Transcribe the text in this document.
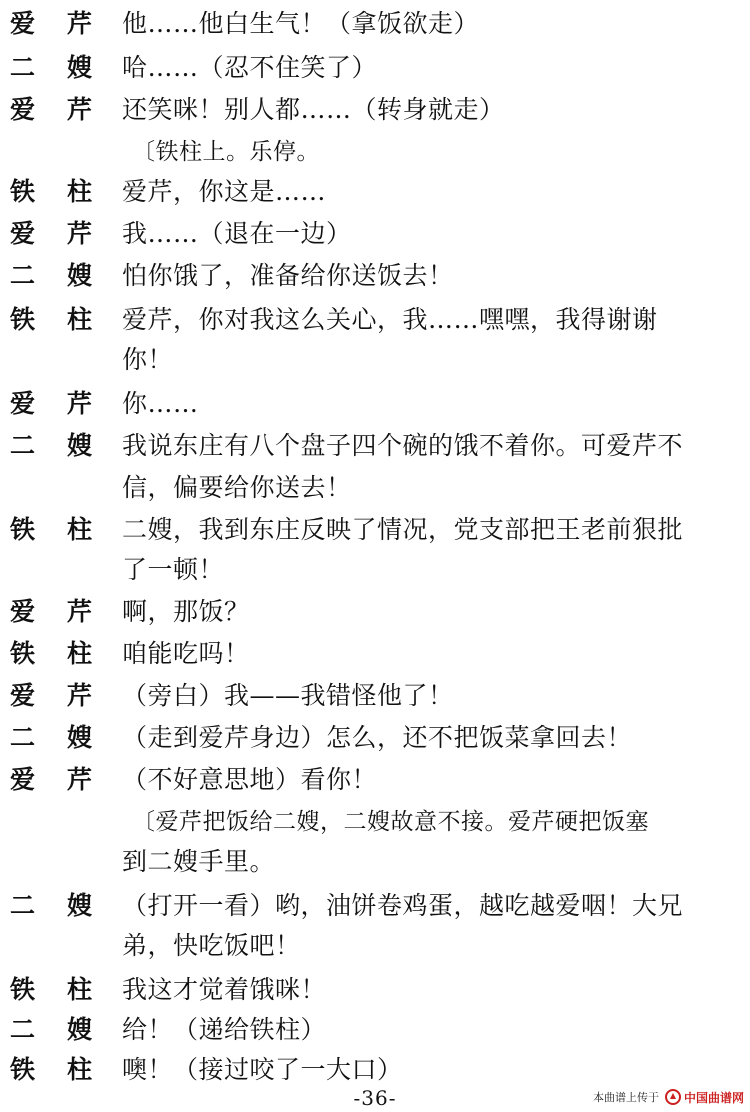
爱芹
他……他白生气！（拿饭欲走）
二嫂
哈……（忍不住笑了）
爱芹
还笑咪！别人都……（转身就走）
〔铁柱上。乐停。
铁柱
爱芹，你这是……
爱芹
我……（退在一边）
二嫂
怕你饿了，准备给你送饭去！
铁柱
爱芹，你对我这么关心，我……嘿嘿，我得谢谢
你！
爱芹
你……
二嫂
我说东庄有八个盘子四个碗的饿不着你。可爱芹不
信，偏要给你送去！
铁柱
二嫂，我到东庄反映了情况，党支部把王老前狠批
了一顿！
爱芹
啊，那饭？
铁柱
咱能吃吗！
爱芹
（旁白）我——我错怪他了！
二嫂
（走到爱芹身边）怎么，还不把饭菜拿回去！
爱芹
（不好意思地）看你！
〔爱芹把饭给二嫂，二嫂故意不接。爱芹硬把饭塞
到二嫂手里。
二嫂
（打开一看）哟，油饼卷鸡蛋，越吃越爱咽！大兄
弟，快吃饭吧！
铁柱
我这才觉着饿咪！
二嫂
给！（递给铁柱）
铁柱
噢！（接过咬了一大口）
-36-	本曲谱上传于 中国曲谱网
